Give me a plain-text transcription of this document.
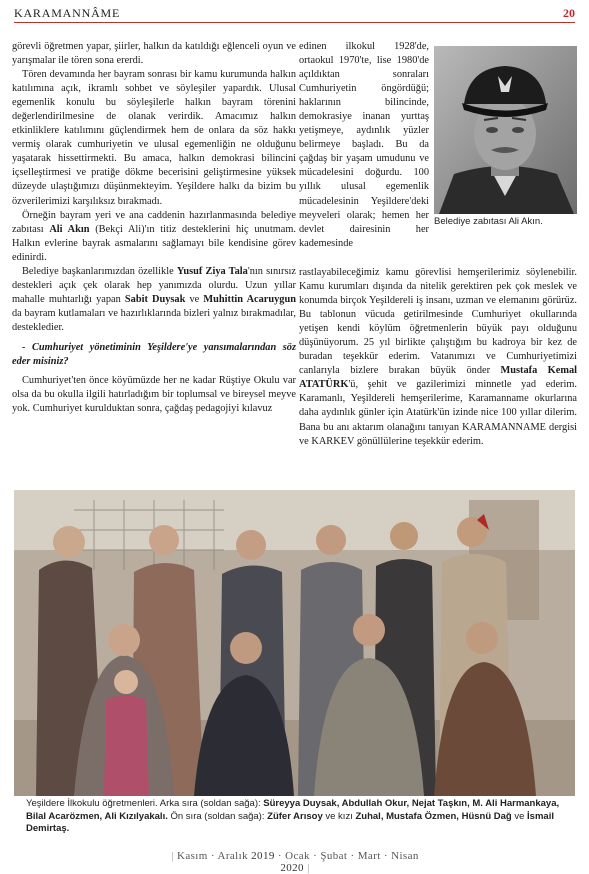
KARAMANNÂME	20

görevli öğretmen yapar, şiirler, halkın da katıldığı eğlenceli oyun ve yarışmalar ile tören sona ererdi.

Tören devamında her bayram sonrası bir kamu kurumunda halkın katılımına açık, ikramlı sohbet ve söyleşiler yapardık. Ulusal egemenlik konulu bu söyleşilerle halkın bayram törenini değerlendirilmesine de olanak verirdik. Amacımız halkın etkinliklere katılımını güçlendirmek hem de onlara da söz hakkı vermiş olarak cumhuriyetin ve ulusal egemenliğin ne olduğunu yaşatarak hissettirmekti. Bu amaca, halkın demokrasi bilincini içselleştirmesi ve pratiğe dökme becerisini geliştirmesine yüksek düzeyde ulaştığımızı düşünmekteyim. Yeşildere halkı da bizim bu özverilerimizi karşılıksız bırakmadı.

Örneğin bayram yeri ve ana caddenin hazırlanmasında belediye zabıtası Ali Akın (Bekçi Ali)'ın titiz desteklerini hiç unutmam. Halkın evlerine bayrak asmalarını sağlamayı bile kendisine görev edinirdi.

Belediye başkanlarımızdan özellikle Yusuf Ziya Tala'nın sınırsız destekleri açık çek olarak hep yanımızda olurdu. Uzun yıllar mahalle muhtarlığı yapan Sabit Duysak ve Muhittin Acaruygun da bayram kutlamaları ve hazırlıklarında bizleri yalnız bırakmadılar, destekledier.

- Cumhuriyet yönetiminin Yeşildere'ye yansımalarından söz eder misiniz?

Cumhuriyet'ten önce köyümüzde her ne kadar Rüştiye Okulu var olsa da bu okulla ilgili hatırladığım bir toplumsal ve bireysel meyve yok. Cumhuriyet kurulduktan sonra, çağdaş pedagojiyi kılavuz

edinen ilkokul 1928'de, ortaokul 1970'te, lise 1980'de açıldıktan sonraları Cumhuriyetin öngördüğü; haklarının bilincinde, demokrasiye inanan yurttaş yetişmeye, aydınlık yüzler belirmeye başladı. Bu da çağdaş bir yaşam umudunu ve mücadelesini doğurdu. 100 yıllık ulusal egemenlik mücadelesinin Yeşildere'deki meyveleri olarak; hemen her devlet dairesinin her kademesinde
Belediye zabıtası Ali Akın.

rastlayabileceğimiz kamu görevlisi hemşerilerimiz söylenebilir. Kamu kurumları dışında da nitelik gerektiren pek çok meslek ve konumda birçok Yeşildereli iş insanı, uzman ve elemanını görürüz. Bu tablonun vücuda getirilmesinde Cumhuriyet okullarında yetişen kendi köylüm öğretmenlerin büyük payı olduğunu düşünüyorum. 25 yıl birlikte çalıştığım bu kadroya bir kez de buradan teşekkür ederim. Vatanımızı ve Cumhuriyetimizi canlarıyla bizlere bırakan büyük önder Mustafa Kemal ATATÜRK'ü, şehit ve gazilerimizi minnetle yad ederim. Karamanlı, Yeşildereli hemşerilerime, Karamanname okurlarına daha aydınlık günler için Atatürk'ün izinde nice 100 yıllar dilerim. Bana bu anı aktarım olanağını tanıyan KARAMANNAME dergisi ve KARKEV gönüllülerine teşekkür ederim.

Yeşildere İlkokulu öğretmenleri. Arka sıra (soldan sağa): Süreyya Duysak, Abdullah Okur, Nejat Taşkın, M. Ali Harmankaya, Bilal Acarözmen, Ali Kızılyakalı. Ön sıra (soldan sağa): Züfer Arısoy ve kızı Zuhal, Mustafa Özmen, Hüsnü Dağ ve İsmail Demirtaş.
| Kasım · Aralık 2019 · Ocak · Şubat · Mart · Nisan 2020 |
